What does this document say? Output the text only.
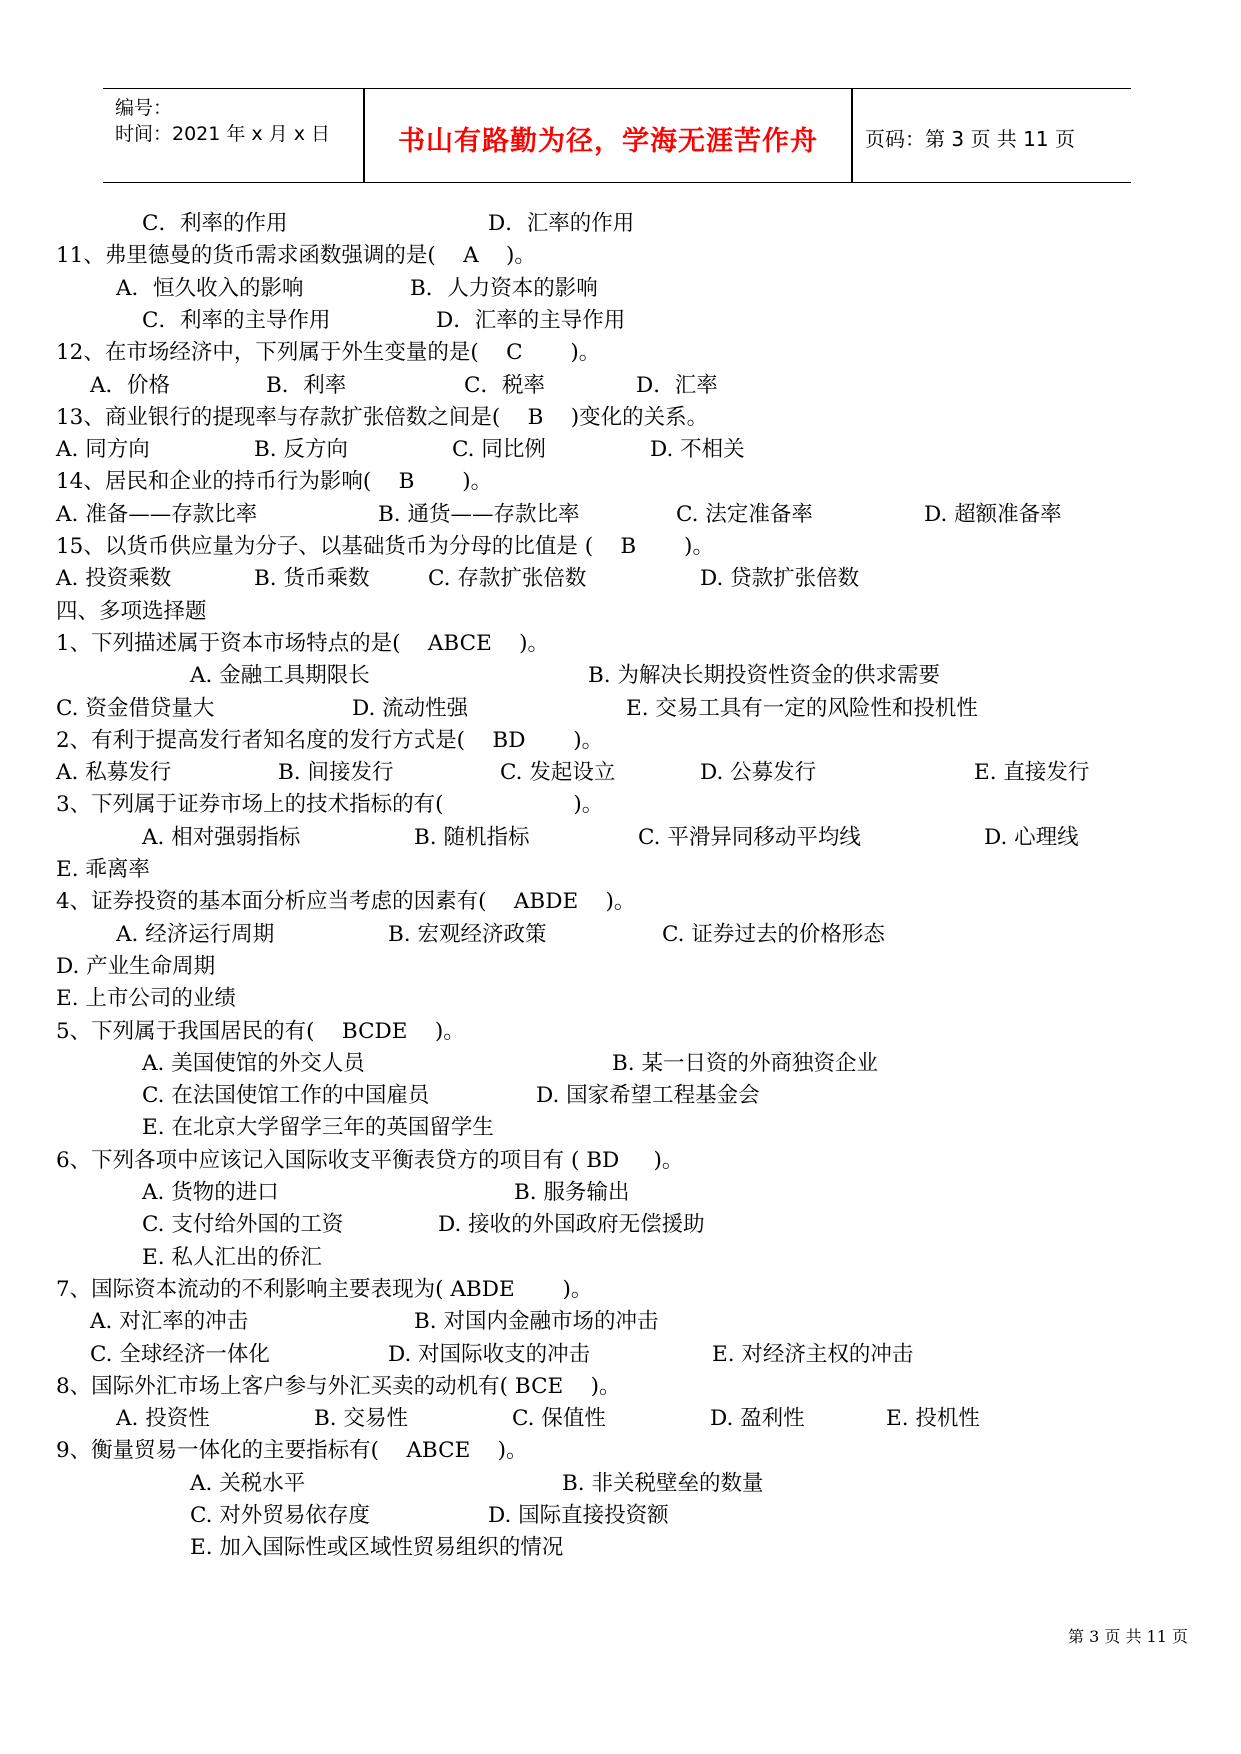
编号：
时间：2021 年 x 月 x 日	书山有路勤为径，学海无涯苦作舟	页码：第 3 页 共 11 页
C．利率的作用	D．汇率的作用
11、弗里德曼的货币需求函数强调的是(    A    )。
A．恒久收入的影响	B．人力资本的影响
C．利率的主导作用	D．汇率的主导作用
12、在市场经济中，下列属于外生变量的是(    C       )。
A．价格	B．利率	C．税率	D．汇率
13、商业银行的提现率与存款扩张倍数之间是(    B    )变化的关系。
A. 同方向	B. 反方向	C. 同比例	D. 不相关
14、居民和企业的持币行为影响(    B       )。
A. 准备——存款比率	B. 通货——存款比率	C. 法定准备率	D. 超额准备率
15、以货币供应量为分子、以基础货币为分母的比值是 (    B       )。
A. 投资乘数	B. 货币乘数	C. 存款扩张倍数	D. 贷款扩张倍数
四、多项选择题
1、下列描述属于资本市场特点的是(    ABCE    )。
A. 金融工具期限长	B. 为解决长期投资性资金的供求需要
C. 资金借贷量大	D. 流动性强	E. 交易工具有一定的风险性和投机性
2、有利于提高发行者知名度的发行方式是(    BD       )。
A. 私募发行	B. 间接发行	C. 发起设立	D. 公募发行	E. 直接发行
3、下列属于证券市场上的技术指标的有(                   )。
A. 相对强弱指标	B. 随机指标	C. 平滑异同移动平均线	D. 心理线
E. 乖离率
4、证券投资的基本面分析应当考虑的因素有(    ABDE    )。
A. 经济运行周期	B. 宏观经济政策	C. 证券过去的价格形态
D. 产业生命周期
E. 上市公司的业绩
5、下列属于我国居民的有(    BCDE    )。
A. 美国使馆的外交人员	B. 某一日资的外商独资企业
C. 在法国使馆工作的中国雇员	D. 国家希望工程基金会
E. 在北京大学留学三年的英国留学生
6、下列各项中应该记入国际收支平衡表贷方的项目有 ( BD     )。
A. 货物的进口	B. 服务输出
C. 支付给外国的工资	D. 接收的外国政府无偿援助
E. 私人汇出的侨汇
7、国际资本流动的不利影响主要表现为( ABDE       )。
A. 对汇率的冲击	B. 对国内金融市场的冲击
C. 全球经济一体化	D. 对国际收支的冲击	E. 对经济主权的冲击
8、国际外汇市场上客户参与外汇买卖的动机有( BCE    )。
A. 投资性	B. 交易性	C. 保值性	D. 盈利性	E. 投机性
9、衡量贸易一体化的主要指标有(    ABCE    )。
A. 关税水平	B. 非关税壁垒的数量
C. 对外贸易依存度	D. 国际直接投资额
E. 加入国际性或区域性贸易组织的情况
第 3 页 共 11 页
